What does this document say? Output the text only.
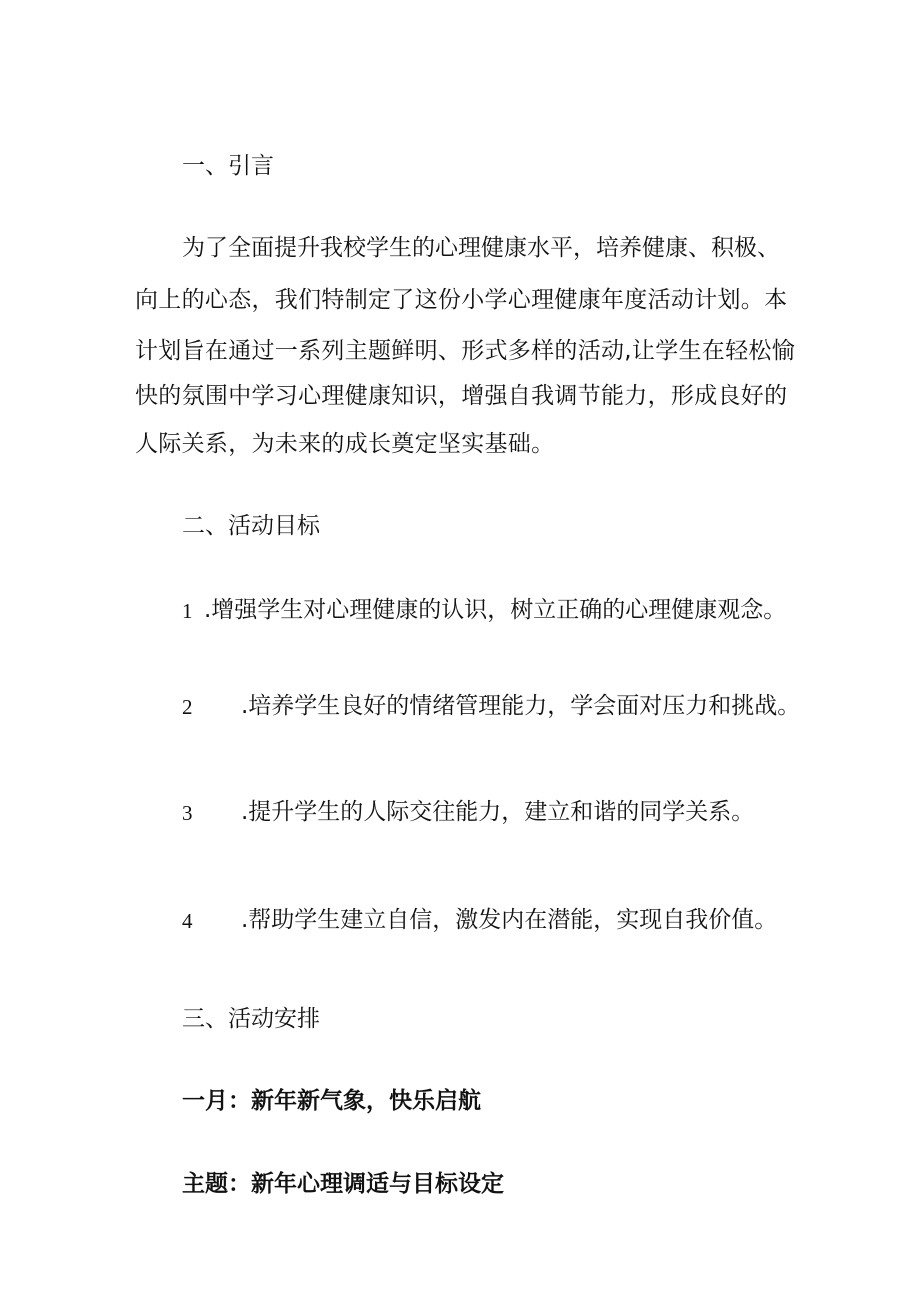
一、引言
为了全面提升我校学生的心理健康水平，培养健康、积极、
向上的心态，我们特制定了这份小学心理健康年度活动计划。本
计划旨在通过一系列主题鲜明、形式多样的活动,让学生在轻松愉
快的氛围中学习心理健康知识，增强自我调节能力，形成良好的
人际关系，为未来的成长奠定坚实基础。
二、活动目标
1 .增强学生对心理健康的认识，树立正确的心理健康观念。
2 .培养学生良好的情绪管理能力，学会面对压力和挑战。
3 .提升学生的人际交往能力，建立和谐的同学关系。
4 .帮助学生建立自信，激发内在潜能，实现自我价值。
三、活动安排
一月：新年新气象，快乐启航
主题：新年心理调适与目标设定
